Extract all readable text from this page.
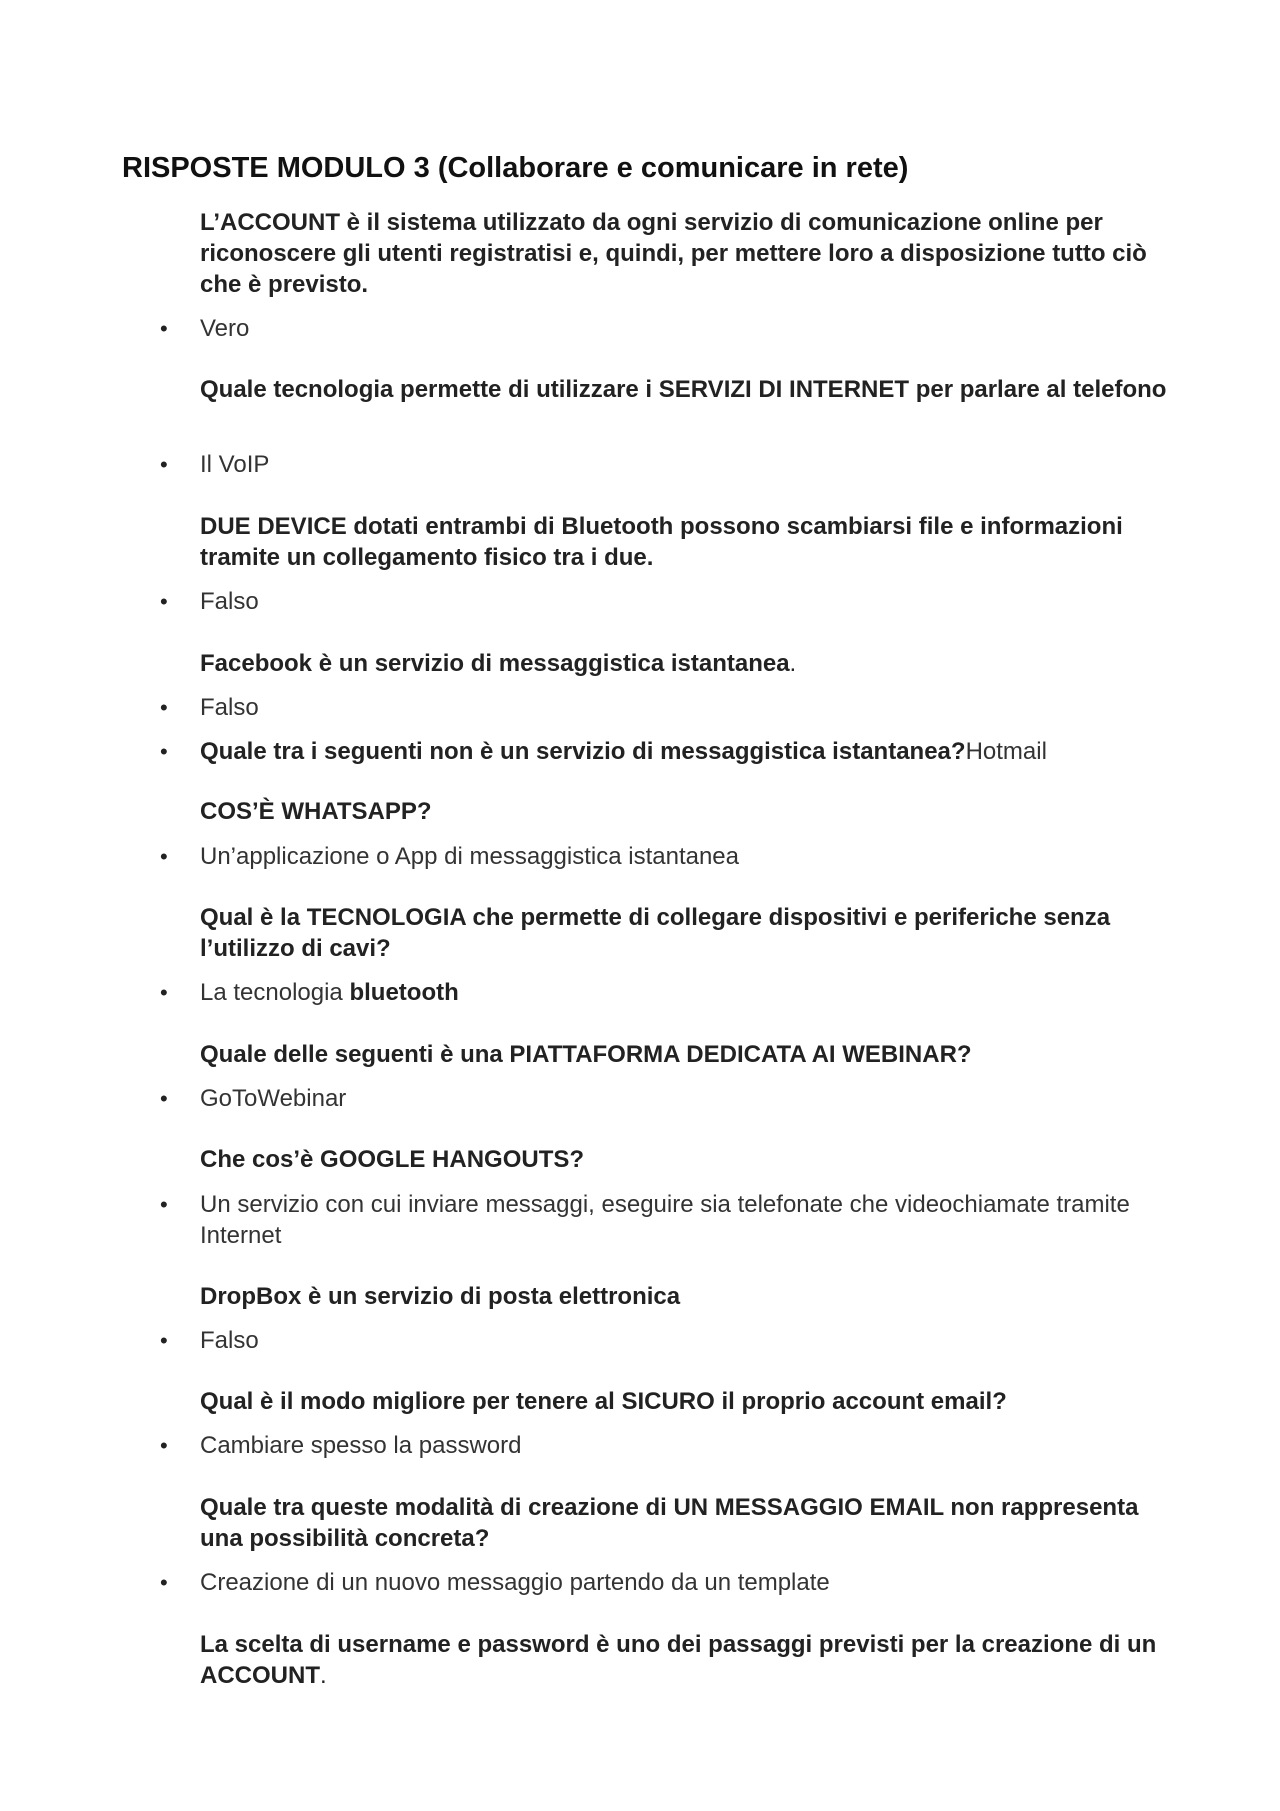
RISPOSTE MODULO 3 (Collaborare e comunicare in rete)

L’ACCOUNT è il sistema utilizzato da ogni servizio di comunicazione online per riconoscere gli utenti registratisi e, quindi, per mettere loro a disposizione tutto ciò che è previsto.

• Vero

Quale tecnologia permette di utilizzare i SERVIZI DI INTERNET per parlare al telefono

• Il VoIP

DUE DEVICE dotati entrambi di Bluetooth possono scambiarsi file e informazioni tramite un collegamento fisico tra i due.

• Falso

Facebook è un servizio di messaggistica istantanea.

• Falso

• Quale tra i seguenti non è un servizio di messaggistica istantanea?Hotmail

COS’È WHATSAPP?

• Un’applicazione o App di messaggistica istantanea

Qual è la TECNOLOGIA che permette di collegare dispositivi e periferiche senza l’utilizzo di cavi?

• La tecnologia bluetooth

Quale delle seguenti è una PIATTAFORMA DEDICATA AI WEBINAR?

• GoToWebinar

Che cos’è GOOGLE HANGOUTS?

• Un servizio con cui inviare messaggi, eseguire sia telefonate che videochiamate tramite Internet

DropBox è un servizio di posta elettronica

• Falso

Qual è il modo migliore per tenere al SICURO il proprio account email?

• Cambiare spesso la password

Quale tra queste modalità di creazione di UN MESSAGGIO EMAIL non rappresenta una possibilità concreta?

• Creazione di un nuovo messaggio partendo da un template

La scelta di username e password è uno dei passaggi previsti per la creazione di un ACCOUNT.
